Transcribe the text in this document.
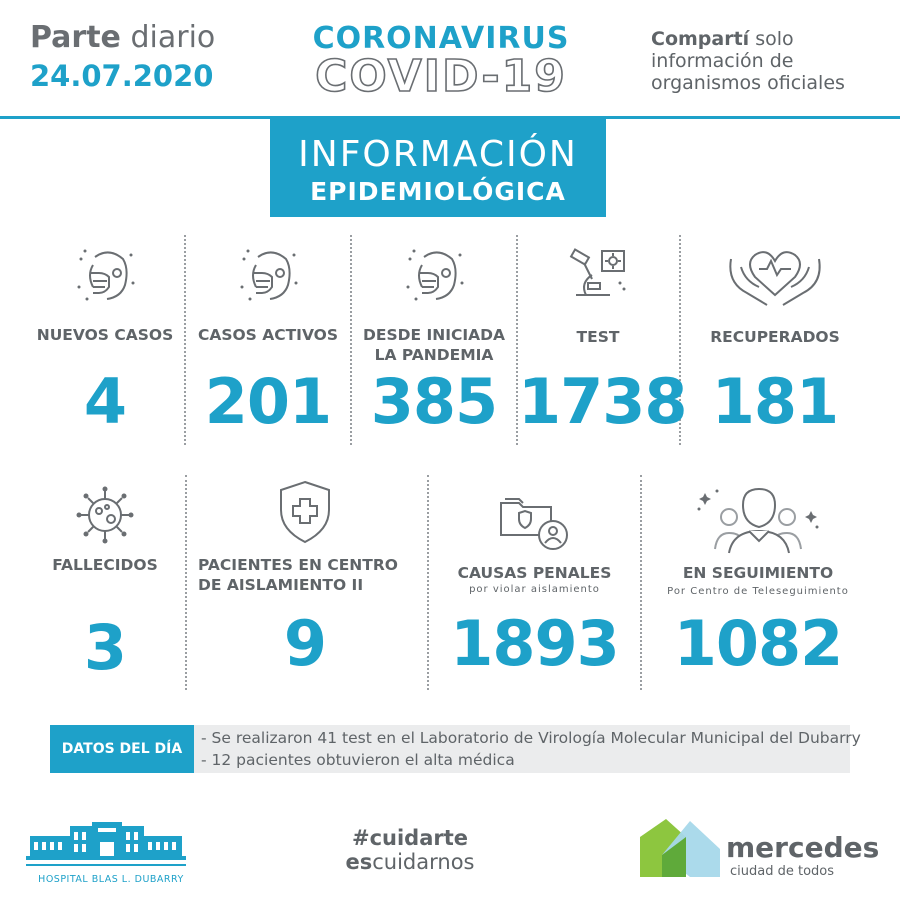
Parte diario
24.07.2020
CORONAVIRUS
COVID-19
Compartí solo
información de
organismos oficiales
INFORMACIÓN
EPIDEMIOLÓGICA
NUEVOS CASOS
4
CASOS ACTIVOS
201
DESDE INICIADA
LA PANDEMIA
385
TEST
1738
RECUPERADOS
181
FALLECIDOS
3
PACIENTES EN CENTRO
DE AISLAMIENTO II
9
CAUSAS PENALES
por violar aislamiento
1893
EN SEGUIMIENTO
Por Centro de Teleseguimiento
1082
DATOS DEL DÍA
- Se realizaron 41 test en el Laboratorio de Virología Molecular Municipal del Dubarry
- 12 pacientes obtuvieron el alta médica
HOSPITAL BLAS L. DUBARRY
#cuidarte
escuidarnos	mercedes
ciudad de todos
